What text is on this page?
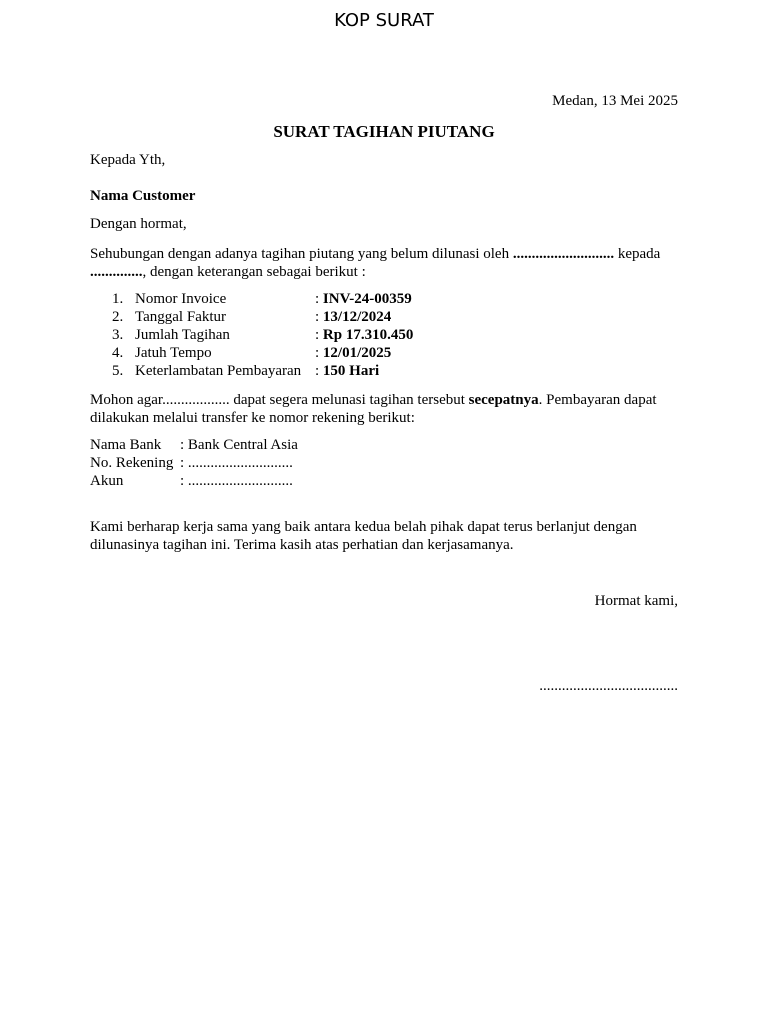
KOP SURAT
Medan, 13 Mei 2025
SURAT TAGIHAN PIUTANG
Kepada Yth,
Nama Customer
Dengan hormat,
Sehubungan dengan adanya tagihan piutang yang belum dilunasi oleh ........................... kepada .............., dengan keterangan sebagai berikut :
1. Nomor Invoice	: INV-24-00359
2. Tanggal Faktur	: 13/12/2024
3. Jumlah Tagihan	: Rp 17.310.450
4. Jatuh Tempo	: 12/01/2025
5. Keterlambatan Pembayaran : 150 Hari
Mohon agar.................. dapat segera melunasi tagihan tersebut secepatnya. Pembayaran dapat dilakukan melalui transfer ke nomor rekening berikut:
Nama Bank : Bank Central Asia
No. Rekening : ............................
Akun	: ............................
Kami berharap kerja sama yang baik antara kedua belah pihak dapat terus berlanjut dengan dilunasinya tagihan ini. Terima kasih atas perhatian dan kerjasamanya.
Hormat kami,
.....................................
